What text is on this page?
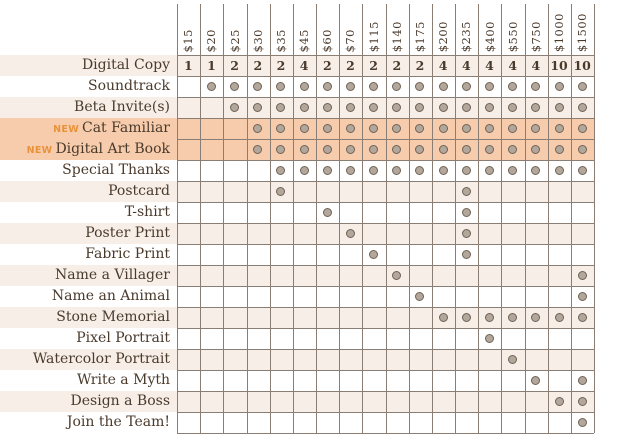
$15 $20 $25 $30 $35 $45 $60 $70 $115 $140 $175 $200 $235 $400 $550 $750 $1000 $1500
Digital Copy 1 1 2 2 2 4 2 2 2 2 2 4 4 4 4 4 10 10
Soundtrack
Beta Invite(s)
NEW Cat Familiar
NEW Digital Art Book
Special Thanks
Postcard
T-shirt
Poster Print
Fabric Print
Name a Villager
Name an Animal
Stone Memorial
Pixel Portrait
Watercolor Portrait
Write a Myth
Design a Boss
Join the Team!
